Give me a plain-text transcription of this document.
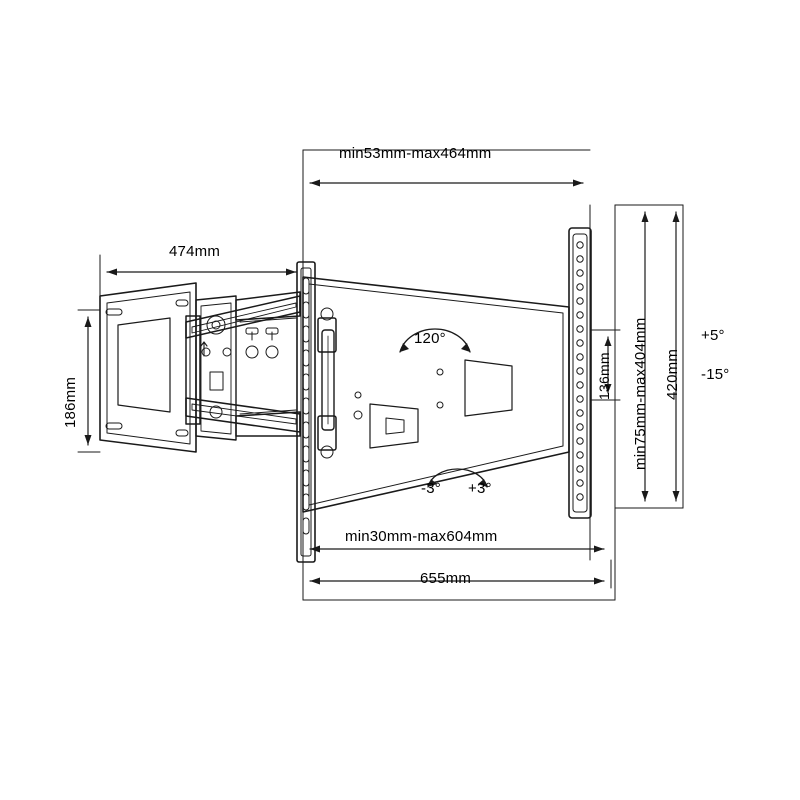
min53mm-max464mm
474mm
186mm
120°
136mm min75mm-max404mm 420mm
+5°
-15°
-3° +3°
min30mm-max604mm
655mm
